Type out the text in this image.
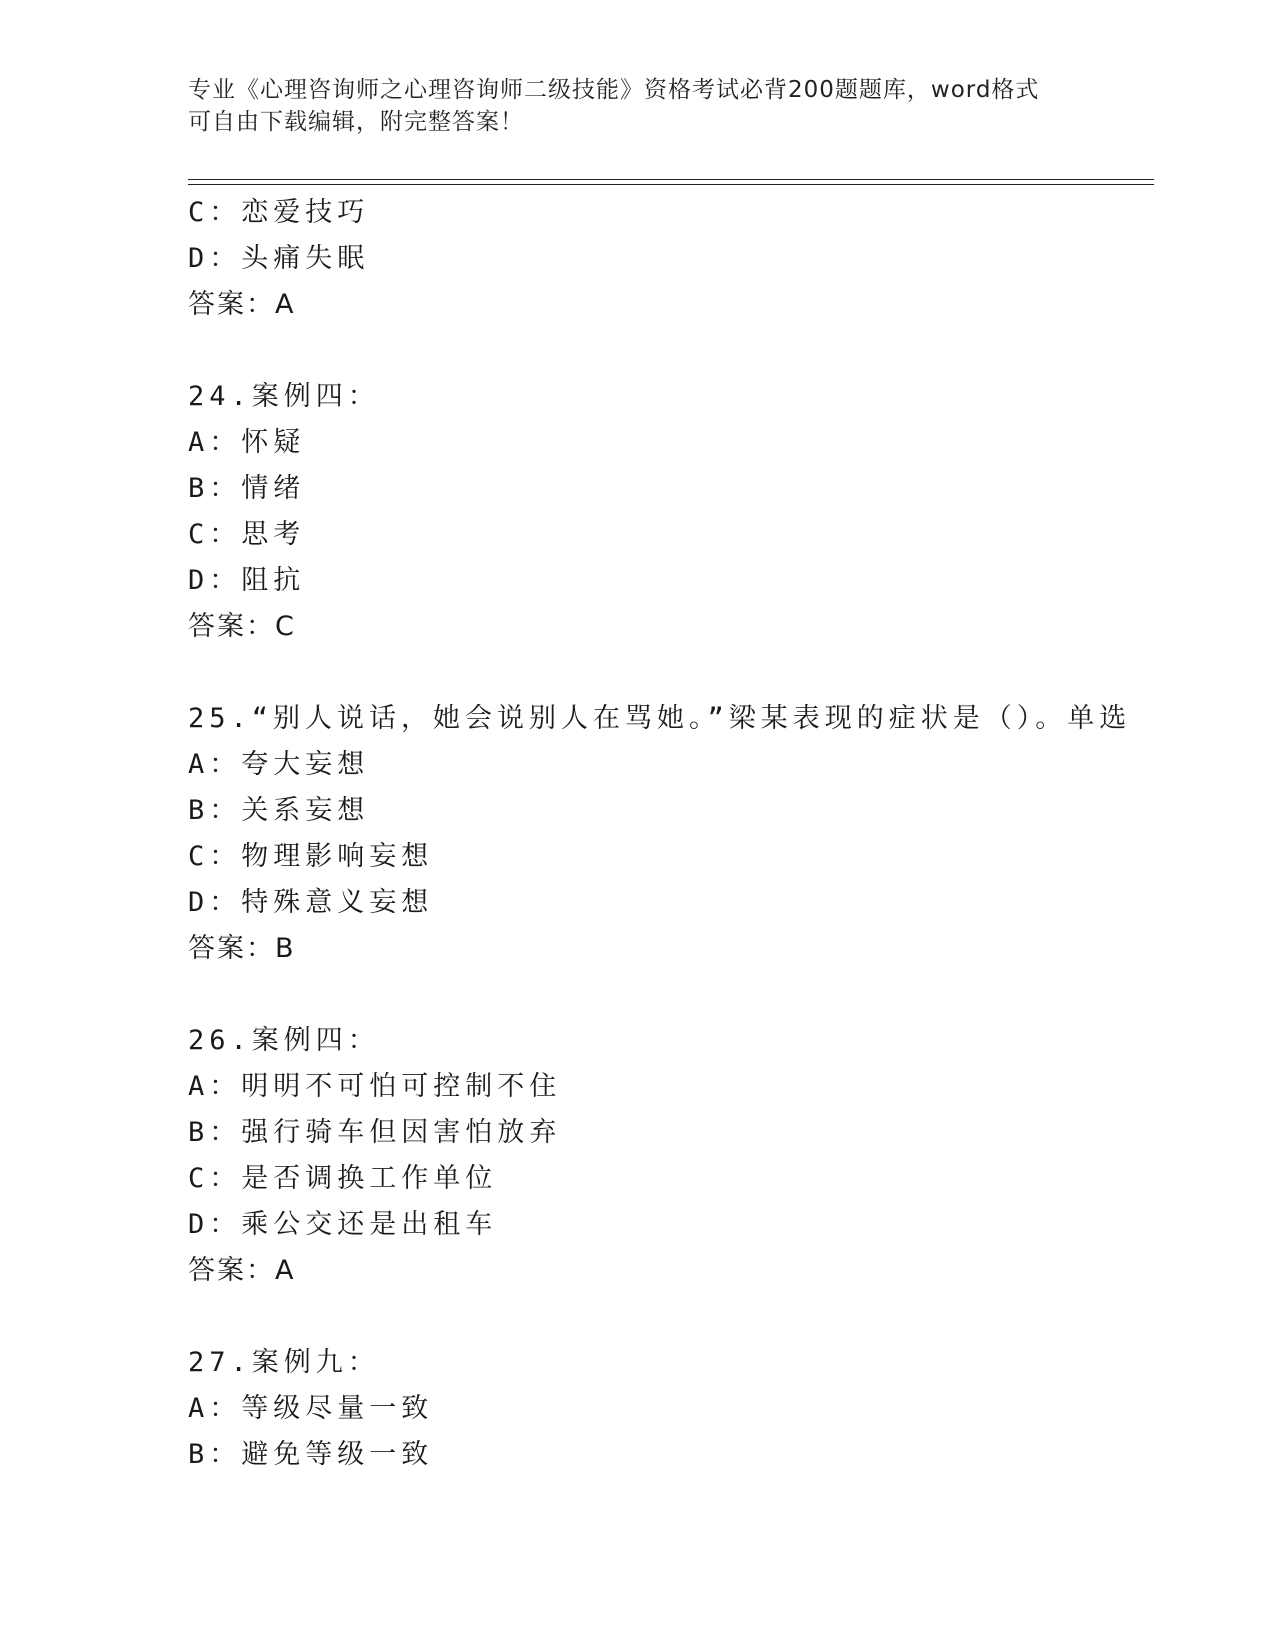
专业《心理咨询师之心理咨询师二级技能》资格考试必背200题题库，word格式
可自由下载编辑，附完整答案！
C：恋爱技巧
D：头痛失眠
答案：A
24.案例四：
A：怀疑
B：情绪
C：思考
D：阻抗
答案：C
25.“别人说话，她会说别人在骂她。”梁某表现的症状是（）。单选
A：夸大妄想
B：关系妄想
C：物理影响妄想
D：特殊意义妄想
答案：B
26.案例四：
A：明明不可怕可控制不住
B：强行骑车但因害怕放弃
C：是否调换工作单位
D：乘公交还是出租车
答案：A
27.案例九：
A：等级尽量一致
B：避免等级一致
